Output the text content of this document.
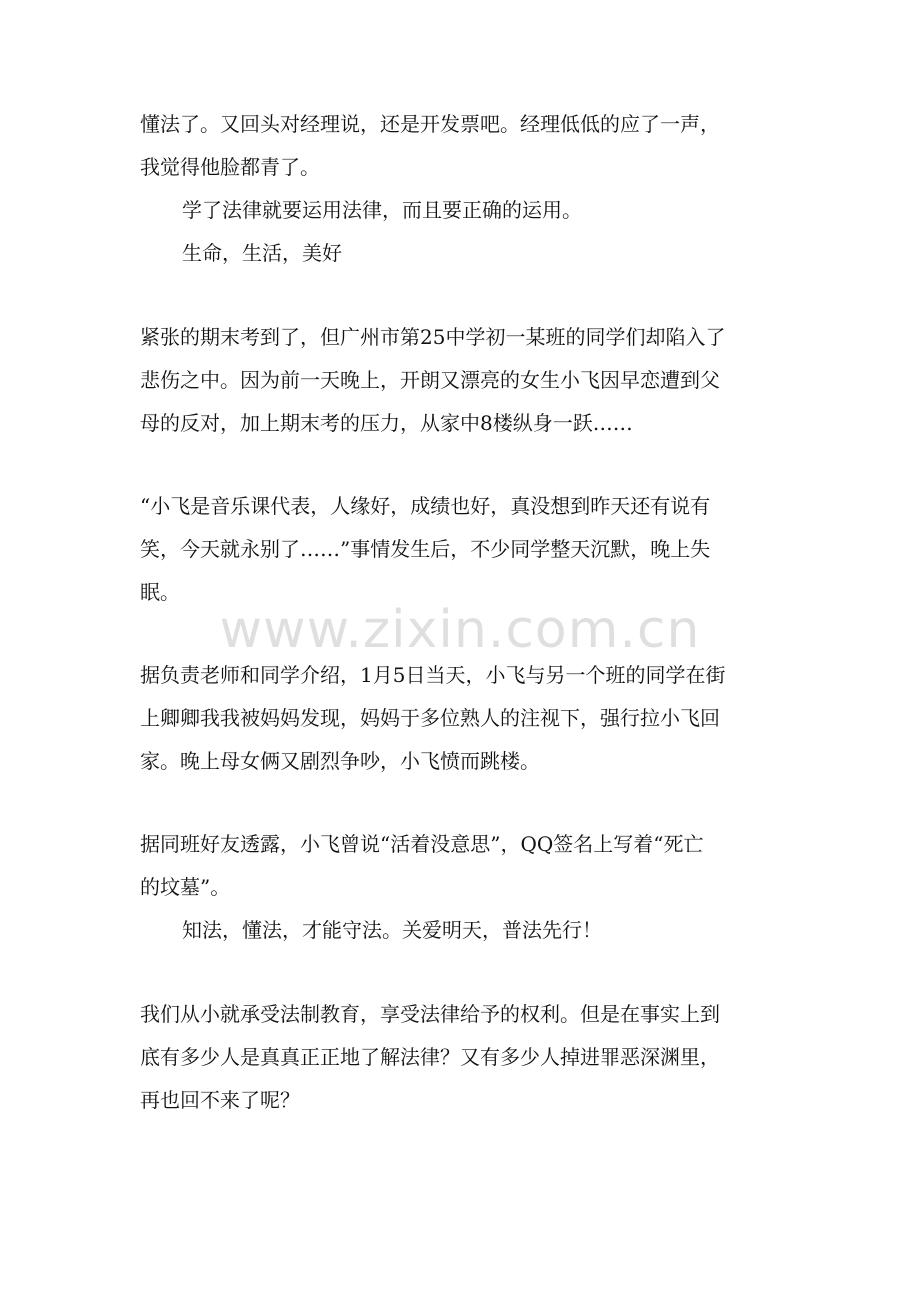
懂法了。又回头对经理说，还是开发票吧。经理低低的应了一声，
我觉得他脸都青了。
学了法律就要运用法律，而且要正确的运用。
生命，生活，美好
紧张的期末考到了，但广州市第25中学初一某班的同学们却陷入了
悲伤之中。因为前一天晚上，开朗又漂亮的女生小飞因早恋遭到父
母的反对，加上期末考的压力，从家中8楼纵身一跃……
“小飞是音乐课代表，人缘好，成绩也好，真没想到昨天还有说有
笑，今天就永别了……”事情发生后，不少同学整天沉默，晚上失
眠。
据负责老师和同学介绍，1月5日当天，小飞与另一个班的同学在街
上卿卿我我被妈妈发现，妈妈于多位熟人的注视下，强行拉小飞回
家。晚上母女俩又剧烈争吵，小飞愤而跳楼。
据同班好友透露，小飞曾说“活着没意思”，QQ签名上写着“死亡
的坟墓”。
知法，懂法，才能守法。关爱明天，普法先行！
我们从小就承受法制教育，享受法律给予的权利。但是在事实上到
底有多少人是真真正正地了解法律？又有多少人掉进罪恶深渊里，
再也回不来了呢？
www.zixin.com.cn
